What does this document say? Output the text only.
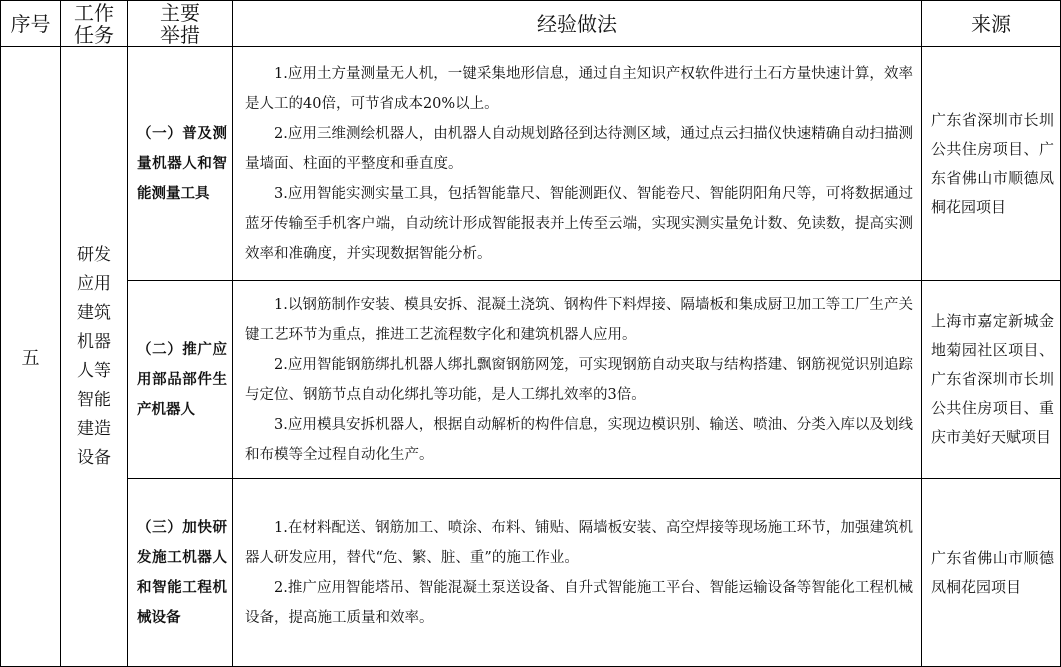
序号 工作任务
主要举措	经验做法	来源
五
研发应用建筑机器人等智能建造设备
（一）普及测量机器人和智能测量工具
1.应用土方量测量无人机，一键采集地形信息，通过自主知识产权软件进行土石方量快速计算，效率是人工的40倍，可节省成本20%以上。
2.应用三维测绘机器人，由机器人自动规划路径到达待测区域，通过点云扫描仪快速精确自动扫描测量墙面、柱面的平整度和垂直度。
3.应用智能实测实量工具，包括智能靠尺、智能测距仪、智能卷尺、智能阴阳角尺等，可将数据通过蓝牙传输至手机客户端，自动统计形成智能报表并上传至云端，实现实测实量免计数、免读数，提高实测效率和准确度，并实现数据智能分析。
广东省深圳市长圳公共住房项目、广东省佛山市顺德凤桐花园项目
（二）推广应用部品部件生产机器人
1.以钢筋制作安装、模具安拆、混凝土浇筑、钢构件下料焊接、隔墙板和集成厨卫加工等工厂生产关键工艺环节为重点，推进工艺流程数字化和建筑机器人应用。
2.应用智能钢筋绑扎机器人绑扎飘窗钢筋网笼，可实现钢筋自动夹取与结构搭建、钢筋视觉识别追踪与定位、钢筋节点自动化绑扎等功能，是人工绑扎效率的3倍。
3.应用模具安拆机器人，根据自动解析的构件信息，实现边模识别、输送、喷油、分类入库以及划线和布模等全过程自动化生产。
上海市嘉定新城金地菊园社区项目、广东省深圳市长圳公共住房项目、重庆市美好天赋项目
（三）加快研发施工机器人和智能工程机械设备
1.在材料配送、钢筋加工、喷涂、布料、铺贴、隔墙板安装、高空焊接等现场施工环节，加强建筑机器人研发应用，替代“危、繁、脏、重”的施工作业。
2.推广应用智能塔吊、智能混凝土泵送设备、自升式智能施工平台、智能运输设备等智能化工程机械设备，提高施工质量和效率。
广东省佛山市顺德凤桐花园项目
